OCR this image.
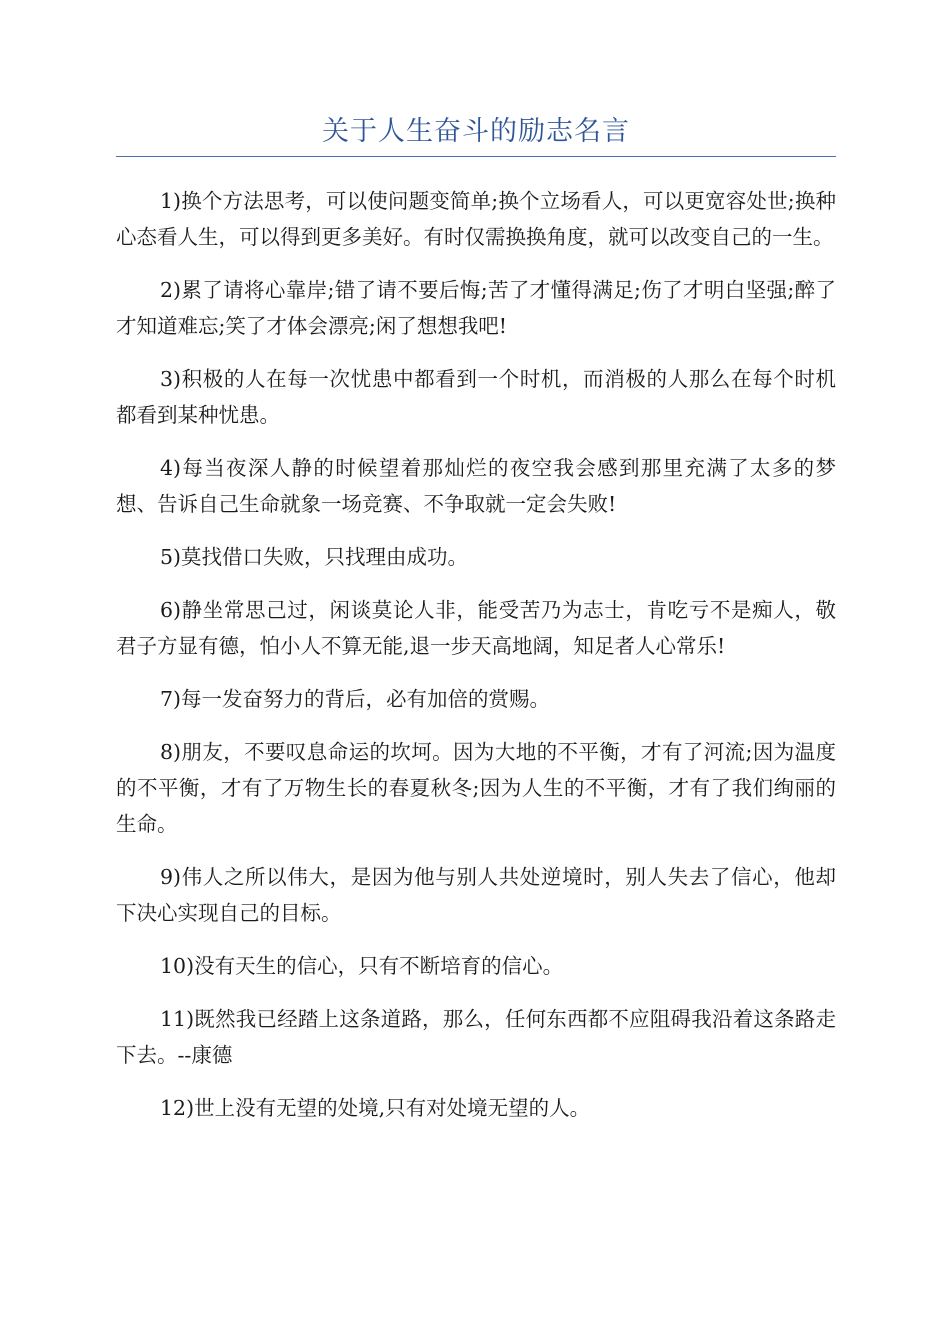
关于人生奋斗的励志名言

1)换个方法思考，可以使问题变简单;换个立场看人，可以更宽容处世;换种心态看人生，可以得到更多美好。有时仅需换换角度，就可以改变自己的一生。

2)累了请将心靠岸;错了请不要后悔;苦了才懂得满足;伤了才明白坚强;醉了才知道难忘;笑了才体会漂亮;闲了想想我吧!

3)积极的人在每一次忧患中都看到一个时机，而消极的人那么在每个时机都看到某种忧患。

4)每当夜深人静的时候望着那灿烂的夜空我会感到那里充满了太多的梦想、告诉自己生命就象一场竞赛、不争取就一定会失败!

5)莫找借口失败，只找理由成功。

6)静坐常思己过，闲谈莫论人非，能受苦乃为志士，肯吃亏不是痴人，敬君子方显有德，怕小人不算无能,退一步天高地阔，知足者人心常乐!

7)每一发奋努力的背后，必有加倍的赏赐。

8)朋友，不要叹息命运的坎坷。因为大地的不平衡，才有了河流;因为温度的不平衡，才有了万物生长的春夏秋冬;因为人生的不平衡，才有了我们绚丽的生命。

9)伟人之所以伟大，是因为他与别人共处逆境时，别人失去了信心，他却下决心实现自己的目标。

10)没有天生的信心，只有不断培育的信心。

11)既然我已经踏上这条道路，那么，任何东西都不应阻碍我沿着这条路走下去。--康德

12)世上没有无望的处境,只有对处境无望的人。
